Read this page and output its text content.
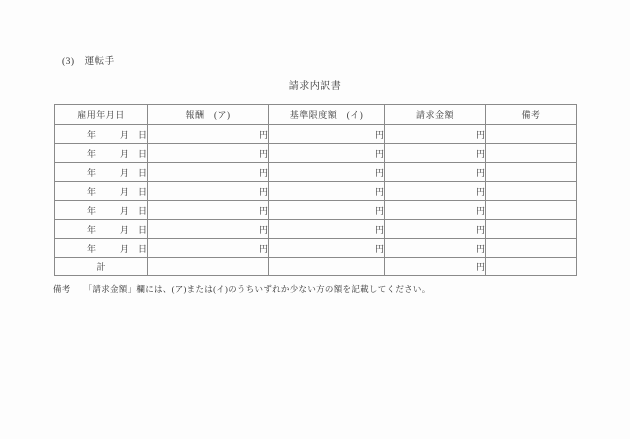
(3)　運転手
請求内訳書
雇用年月日	報酬　(ア)	基準限度額　(イ)	請求金額	備考
年 月 日	円	円	円	
年 月 日	円	円	円	
年 月 日	円	円	円	
年 月 日	円	円	円	
年 月 日	円	円	円	
年 月 日	円	円	円	
年 月 日	円	円	円	
計			円	
備考 「請求金額」欄には、(ア)または(イ)のうちいずれか少ない方の額を記載してください。
